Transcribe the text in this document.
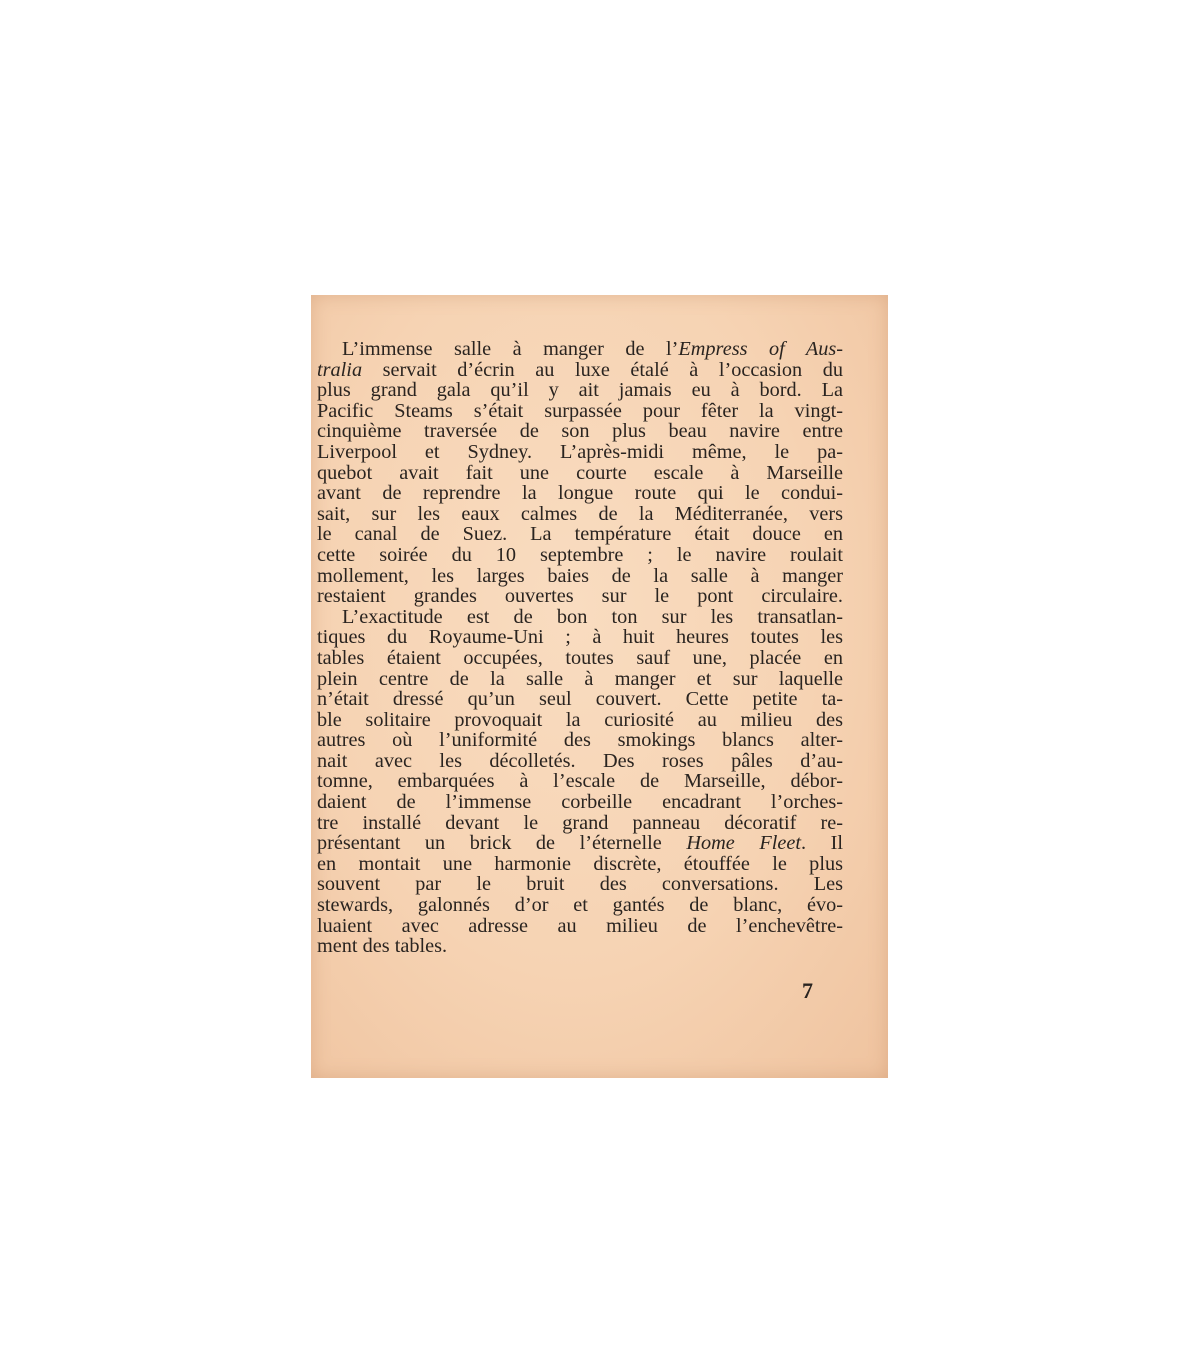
L’immense salle à manger de l’Empress of Aus-
tralia servait d’écrin au luxe étalé à l’occasion du
plus grand gala qu’il y ait jamais eu à bord. La
Pacific Steams s’était surpassée pour fêter la vingt-
cinquième traversée de son plus beau navire entre
Liverpool et Sydney. L’après-midi même, le pa-
quebot avait fait une courte escale à Marseille
avant de reprendre la longue route qui le condui-
sait, sur les eaux calmes de la Méditerranée, vers
le canal de Suez. La température était douce en
cette soirée du 10 septembre ; le navire roulait
mollement, les larges baies de la salle à manger
restaient grandes ouvertes sur le pont circulaire.
L’exactitude est de bon ton sur les transatlan-
tiques du Royaume-Uni ; à huit heures toutes les
tables étaient occupées, toutes sauf une, placée en
plein centre de la salle à manger et sur laquelle
n’était dressé qu’un seul couvert. Cette petite ta-
ble solitaire provoquait la curiosité au milieu des
autres où l’uniformité des smokings blancs alter-
nait avec les décolletés. Des roses pâles d’au-
tomne, embarquées à l’escale de Marseille, débor-
daient de l’immense corbeille encadrant l’orches-
tre installé devant le grand panneau décoratif re-
présentant un brick de l’éternelle Home Fleet. Il
en montait une harmonie discrète, étouffée le plus
souvent par le bruit des conversations. Les
stewards, galonnés d’or et gantés de blanc, évo-
luaient avec adresse au milieu de l’enchevêtre-
ment des tables.
7
